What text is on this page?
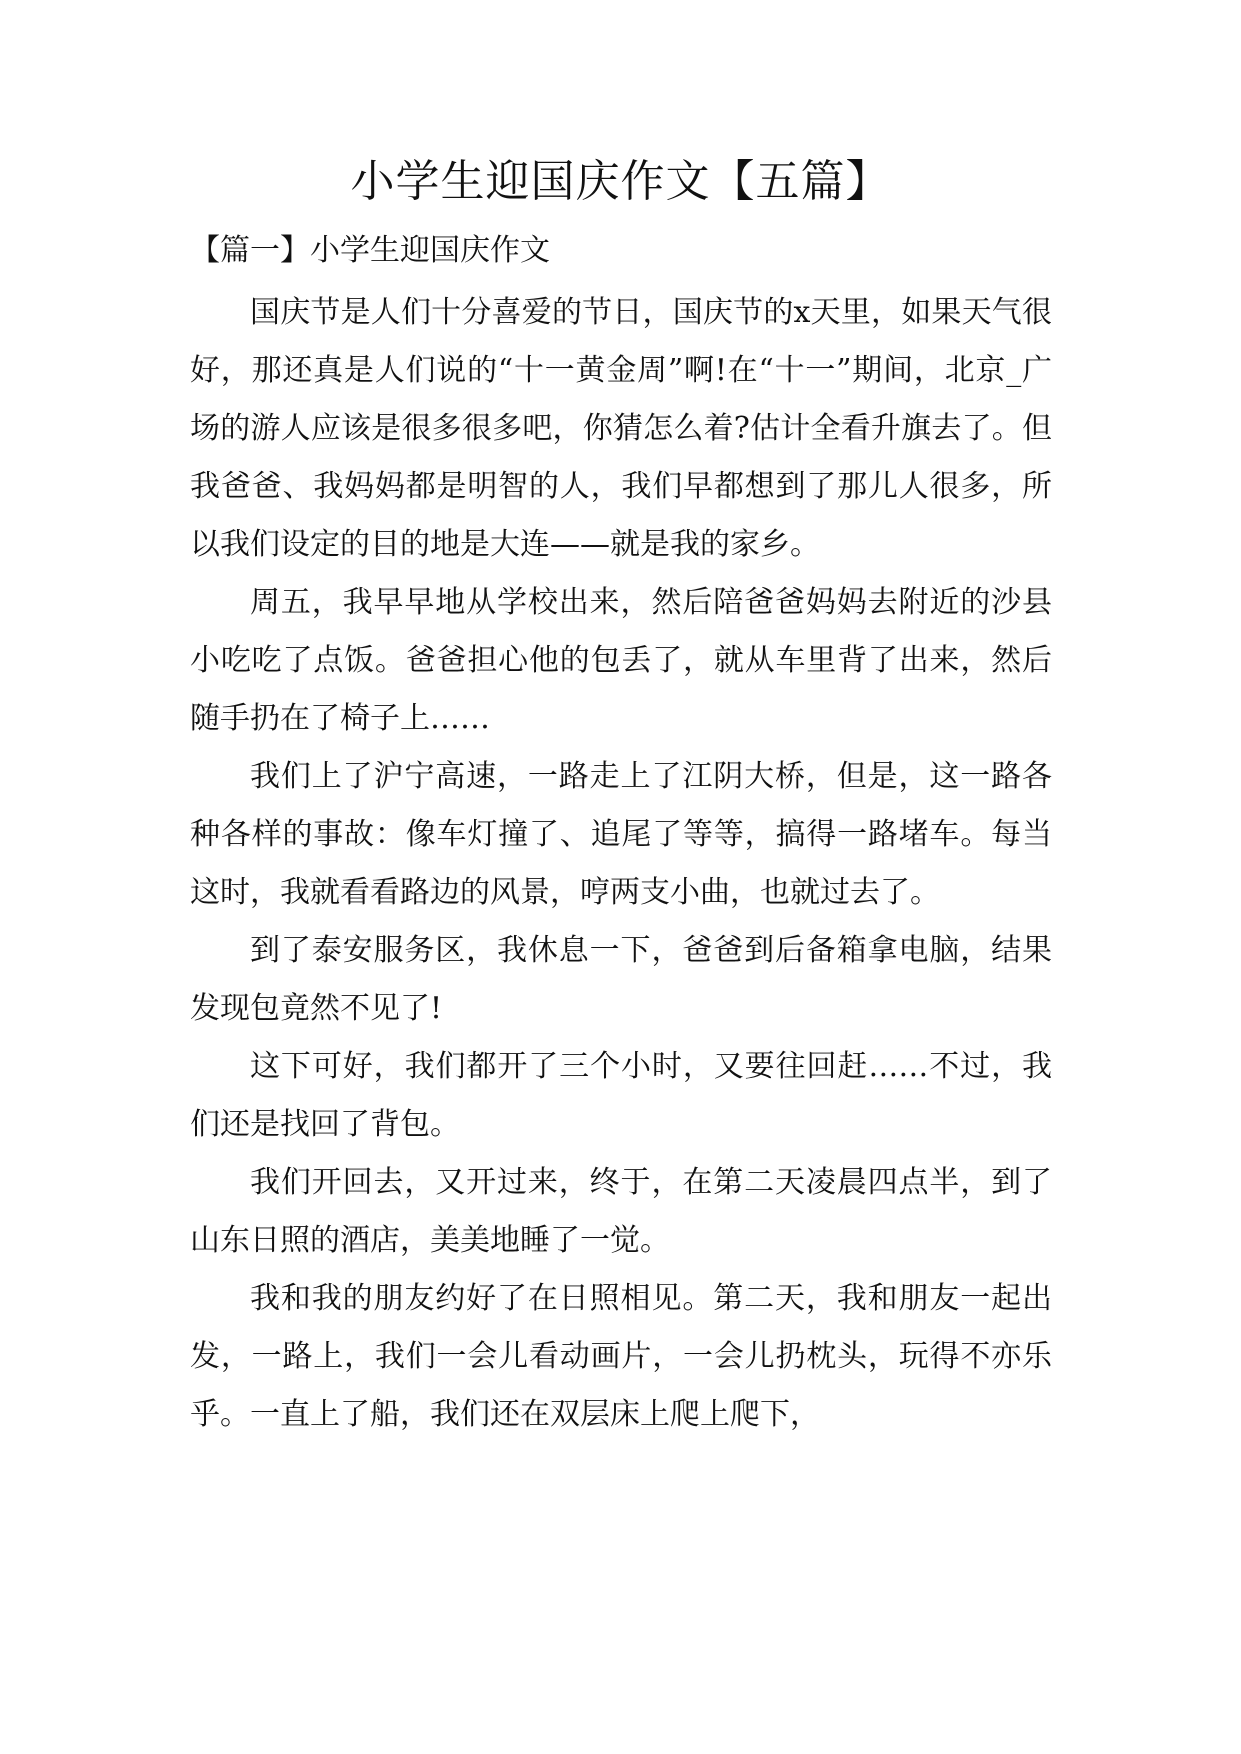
小学生迎国庆作文【五篇】
【篇一】小学生迎国庆作文

国庆节是人们十分喜爱的节日，国庆节的x天里，如果天气很好，那还真是人们说的“十一黄金周”啊!在“十一”期间，北京_广场的游人应该是很多很多吧，你猜怎么着?估计全看升旗去了。但我爸爸、我妈妈都是明智的人，我们早都想到了那儿人很多，所以我们设定的目的地是大连——就是我的家乡。

周五，我早早地从学校出来，然后陪爸爸妈妈去附近的沙县小吃吃了点饭。爸爸担心他的包丢了，就从车里背了出来，然后随手扔在了椅子上……

我们上了沪宁高速，一路走上了江阴大桥，但是，这一路各种各样的事故：像车灯撞了、追尾了等等，搞得一路堵车。每当这时，我就看看路边的风景，哼两支小曲，也就过去了。

到了泰安服务区，我休息一下，爸爸到后备箱拿电脑，结果发现包竟然不见了!

这下可好，我们都开了三个小时，又要往回赶……不过，我们还是找回了背包。

我们开回去，又开过来，终于，在第二天凌晨四点半，到了山东日照的酒店，美美地睡了一觉。

我和我的朋友约好了在日照相见。第二天，我和朋友一起出发，一路上，我们一会儿看动画片，一会儿扔枕头，玩得不亦乐乎。一直上了船，我们还在双层床上爬上爬下，
